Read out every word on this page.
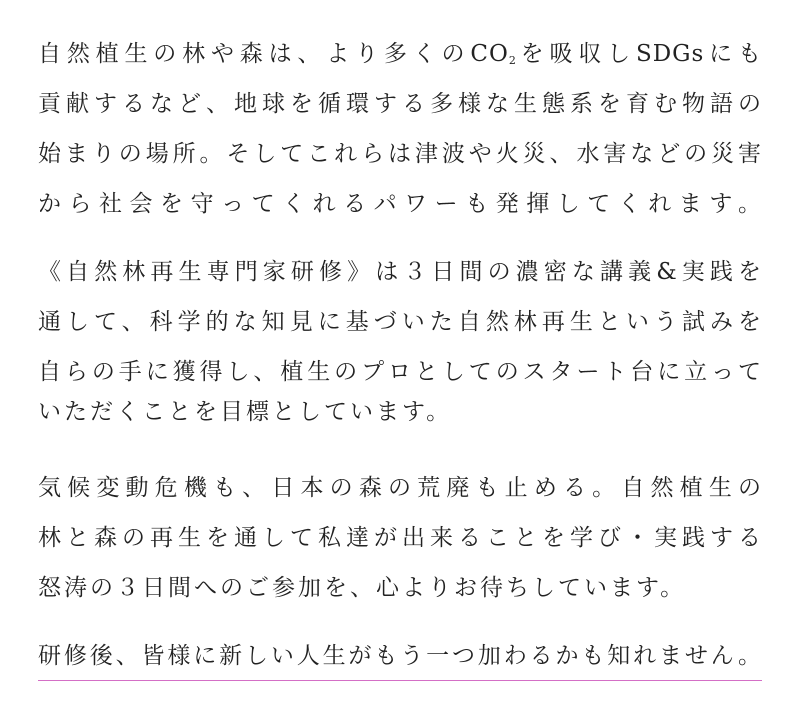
自然植生の林や森は、より多くの$CO_2$を吸収しSDGsにも
貢献するなど、地球を循環する多様な生態系を育む物語の
始まりの場所。そしてこれらは津波や火災、水害などの災害
から社会を守ってくれるパワーも発揮してくれます。
《自然林再生専門家研修》は３日間の濃密な講義&実践を
通して、科学的な知見に基づいた自然林再生という試みを
自らの手に獲得し、植生のプロとしてのスタート台に立って
いただくことを目標としています。
気候変動危機も、日本の森の荒廃も止める。自然植生の
林と森の再生を通して私達が出来ることを学び・実践する
怒涛の３日間へのご参加を、心よりお待ちしています。
研修後、皆様に新しい人生がもう一つ加わるかも知れません。
